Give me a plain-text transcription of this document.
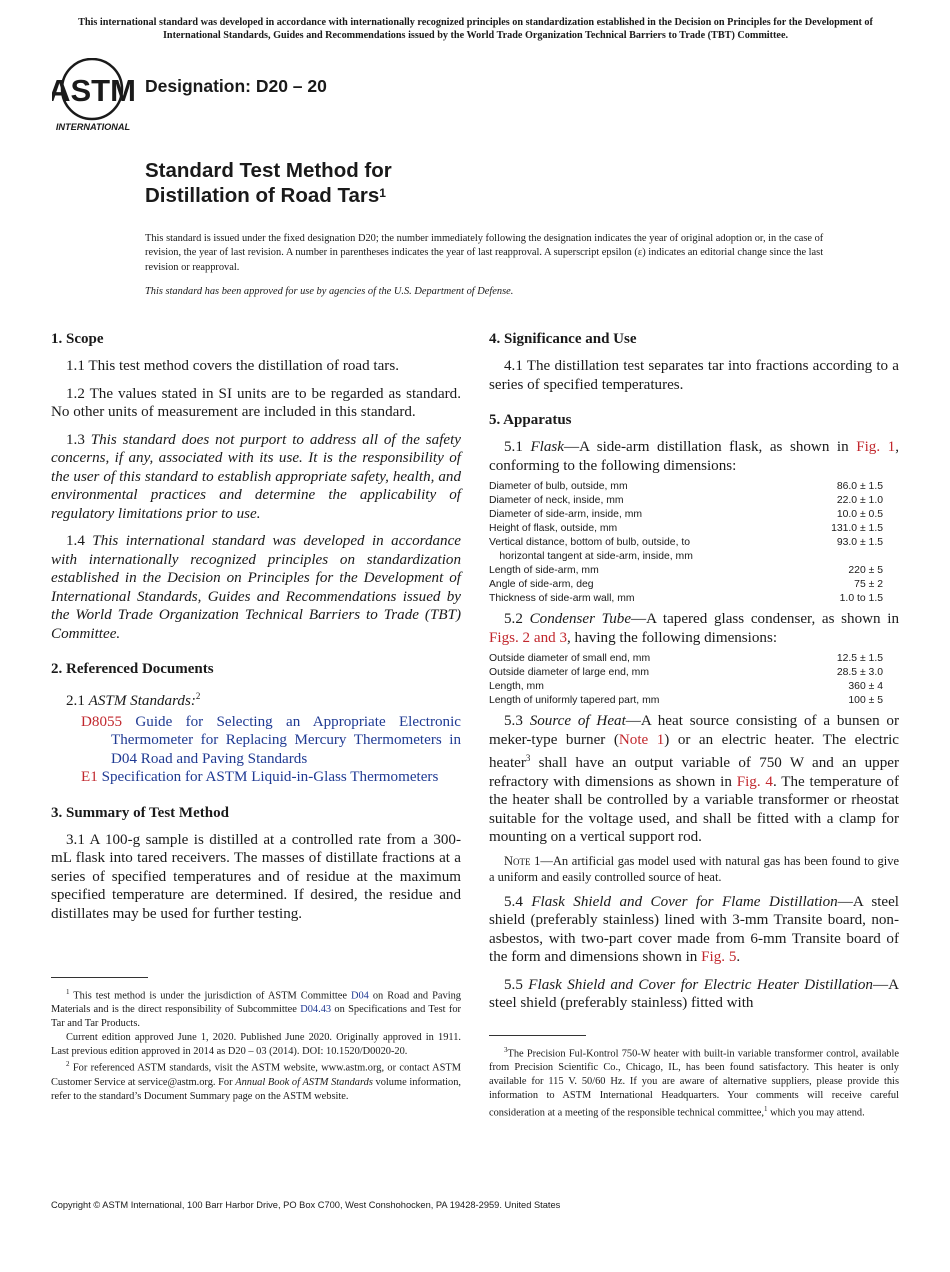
This international standard was developed in accordance with internationally recognized principles on standardization established in the Decision on Principles for the Development of International Standards, Guides and Recommendations issued by the World Trade Organization Technical Barriers to Trade (TBT) Committee.
ASTM
INTERNATIONAL
Designation: D20 – 20
Standard Test Method for
Distillation of Road Tars$^1$
This standard is issued under the fixed designation D20; the number immediately following the designation indicates the year of original adoption or, in the case of revision, the year of last revision. A number in parentheses indicates the year of last reapproval. A superscript epsilon (ε) indicates an editorial change since the last revision or reapproval.
This standard has been approved for use by agencies of the U.S. Department of Defense.
1. Scope

1.1 This test method covers the distillation of road tars.

1.2 The values stated in SI units are to be regarded as standard. No other units of measurement are included in this standard.

1.3 This standard does not purport to address all of the safety concerns, if any, associated with its use. It is the responsibility of the user of this standard to establish appropriate safety, health, and environmental practices and determine the applicability of regulatory limitations prior to use.

1.4 This international standard was developed in accordance with internationally recognized principles on standardization established in the Decision on Principles for the Development of International Standards, Guides and Recommendations issued by the World Trade Organization Technical Barriers to Trade (TBT) Committee.

2. Referenced Documents

2.1 ASTM Standards:$^2$

D8055 Guide for Selecting an Appropriate Electronic Thermometer for Replacing Mercury Thermometers in D04 Road and Paving Standards

E1 Specification for ASTM Liquid-in-Glass Thermometers

3. Summary of Test Method

3.1 A 100-g sample is distilled at a controlled rate from a 300-mL flask into tared receivers. The masses of distillate fractions at a series of specified temperatures and of residue at the maximum specified temperature are determined. If desired, the residue and distillates may be used for further testing.

4. Significance and Use

4.1 The distillation test separates tar into fractions according to a series of specified temperatures.

5. Apparatus

5.1 Flask—A side-arm distillation flask, as shown in Fig. 1, conforming to the following dimensions:

Diameter of bulb, outside, mm	86.0 ± 1.5
Diameter of neck, inside, mm	22.0 ± 1.0
Diameter of side-arm, inside, mm	10.0 ± 0.5
Height of flask, outside, mm	131.0 ± 1.5
Vertical distance, bottom of bulb, outside, to	93.0 ± 1.5
 horizontal tangent at side-arm, inside, mm	
Length of side-arm, mm	220 ± 5
Angle of side-arm, deg	75 ± 2
Thickness of side-arm wall, mm	1.0 to 1.5

5.2 Condenser Tube—A tapered glass condenser, as shown in Figs. 2 and 3, having the following dimensions:

Outside diameter of small end, mm	12.5 ± 1.5
Outside diameter of large end, mm	28.5 ± 3.0
Length, mm	360 ± 4
Length of uniformly tapered part, mm	100 ± 5

5.3 Source of Heat—A heat source consisting of a bunsen or meker-type burner (Note 1) or an electric heater. The electric heater$^3$ shall have an output variable of 750 W and an upper refractory with dimensions as shown in Fig. 4. The temperature of the heater shall be controlled by a variable transformer or rheostat suitable for the voltage used, and shall be fitted with a clamp for mounting on a vertical support rod.

Note 1—An artificial gas model used with natural gas has been found to give a uniform and easily controlled source of heat.

5.4 Flask Shield and Cover for Flame Distillation—A steel shield (preferably stainless) lined with 3-mm Transite board, non-asbestos, with two-part cover made from 6-mm Transite board of the form and dimensions shown in Fig. 5.

5.5 Flask Shield and Cover for Electric Heater Distillation—A steel shield (preferably stainless) fitted with

$^1$ This test method is under the jurisdiction of ASTM Committee D04 on Road and Paving Materials and is the direct responsibility of Subcommittee D04.43 on Specifications and Test for Tar and Tar Products.

Current edition approved June 1, 2020. Published June 2020. Originally approved in 1911. Last previous edition approved in 2014 as D20 – 03 (2014). DOI: 10.1520/D0020-20.

$^2$ For referenced ASTM standards, visit the ASTM website, www.astm.org, or contact ASTM Customer Service at service@astm.org. For Annual Book of ASTM Standards volume information, refer to the standard’s Document Summary page on the ASTM website.

$^3$The Precision Ful-Kontrol 750-W heater with built-in variable transformer control, available from Precision Scientific Co., Chicago, IL, has been found satisfactory. This heater is only available for 115 V. 50/60 Hz. If you are aware of alternative suppliers, please provide this information to ASTM International Headquarters. Your comments will receive careful consideration at a meeting of the responsible technical committee,$^1$ which you may attend.

Copyright © ASTM International, 100 Barr Harbor Drive, PO Box C700, West Conshohocken, PA 19428-2959. United States
